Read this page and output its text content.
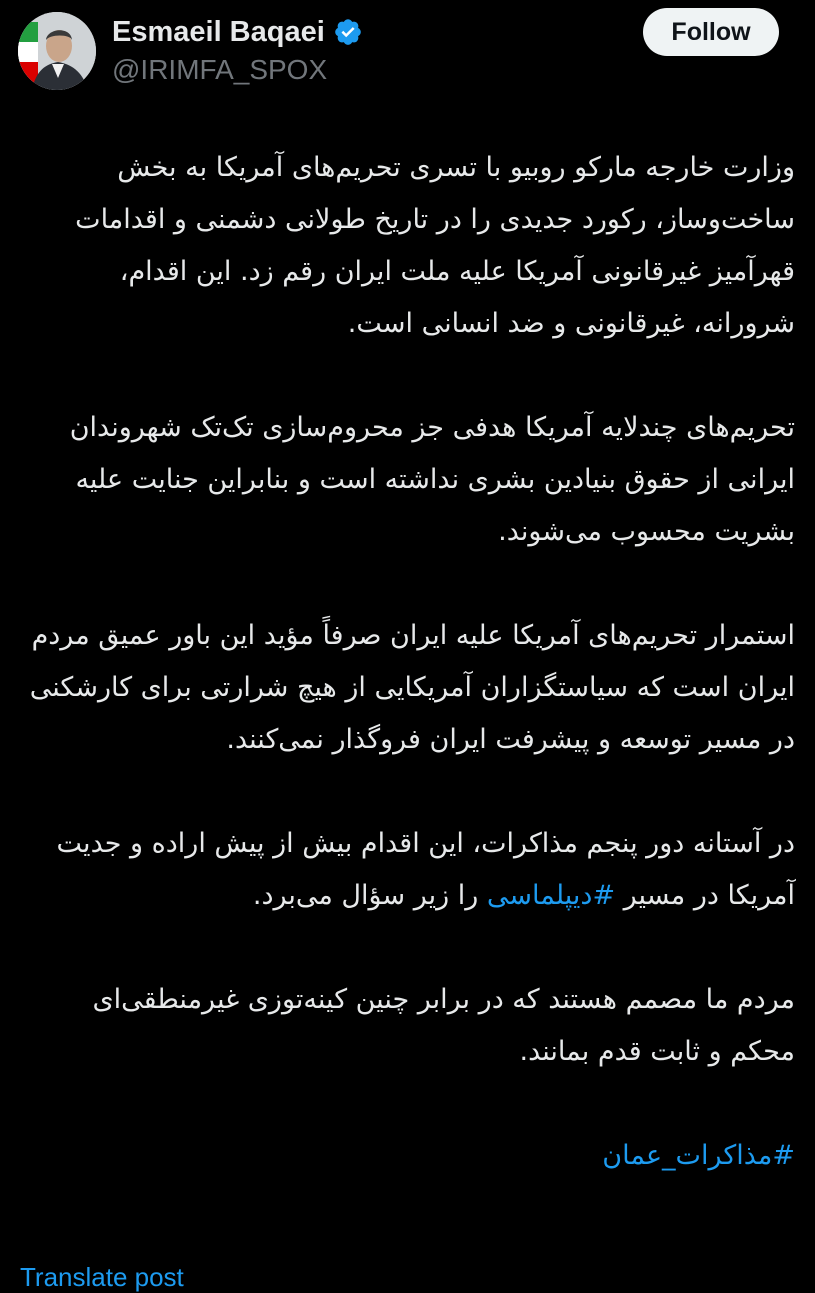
Esmaeil Baqaei
@IRIMFA_SPOX
Follow

وزارت خارجه مارکو روبیو با تسری تحریم‌های آمریکا به بخش ساخت‌وساز، رکورد جدیدی را در تاریخ طولانی دشمنی و اقدامات قهرآمیز غیرقانونی آمریکا علیه ملت ایران رقم زد. این اقدام، شرورانه، غیرقانونی و ضد انسانی است.

تحریم‌های چندلایه آمریکا هدفی جز محروم‌سازی تک‌تک شهروندان ایرانی از حقوق بنیادین بشری نداشته است و بنابراین جنایت علیه بشریت محسوب می‌شوند.

استمرار تحریم‌های آمریکا علیه ایران صرفاً مؤید این باور عمیق مردم ایران است که سیاستگزاران آمریکایی از هیچ شرارتی برای کارشکنی در مسیر توسعه و پیشرفت ایران فروگذار نمی‌کنند.

در آستانه دور پنجم مذاکرات، این اقدام بیش از پیش اراده و جدیت آمریکا در مسیر #دیپلماسی را زیر سؤال می‌برد.

مردم ما مصمم هستند که در برابر چنین کینه‌توزی غیرمنطقی‌ای محکم و ثابت قدم بمانند.

#مذاکرات_عمان

Translate post
